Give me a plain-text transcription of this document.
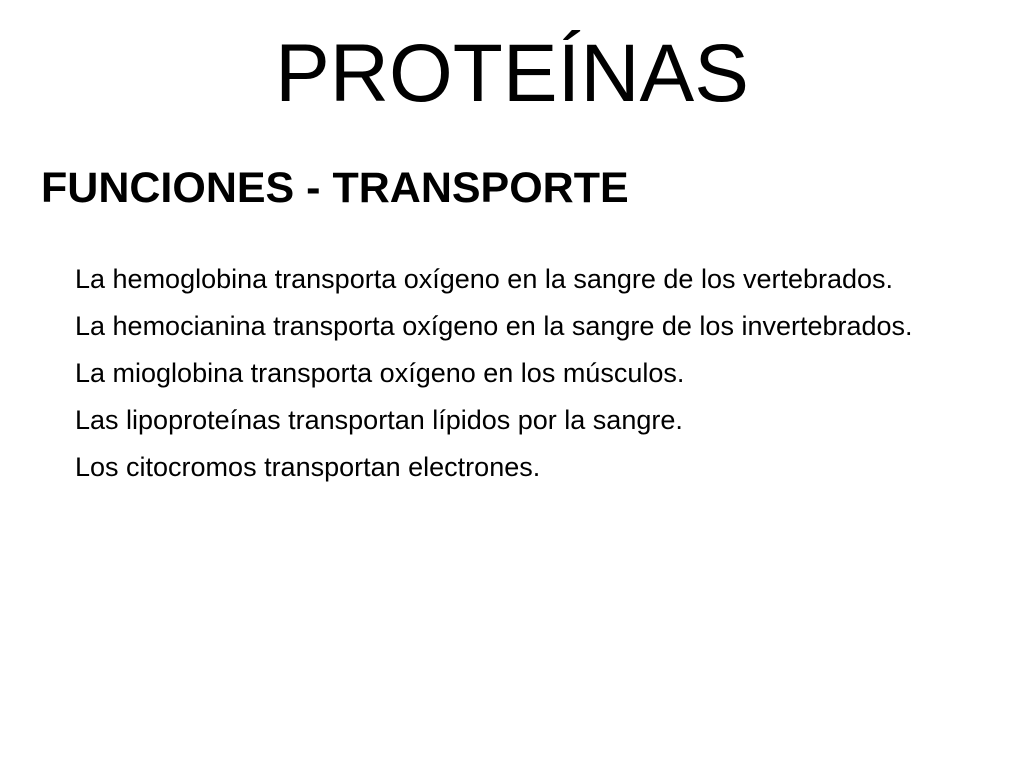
PROTEÍNAS
FUNCIONES - TRANSPORTE
La hemoglobina transporta oxígeno en la sangre de los vertebrados.
La hemocianina transporta oxígeno en la sangre de los invertebrados.
La mioglobina transporta oxígeno en los músculos.
Las lipoproteínas transportan lípidos por la sangre.
Los citocromos transportan electrones.
